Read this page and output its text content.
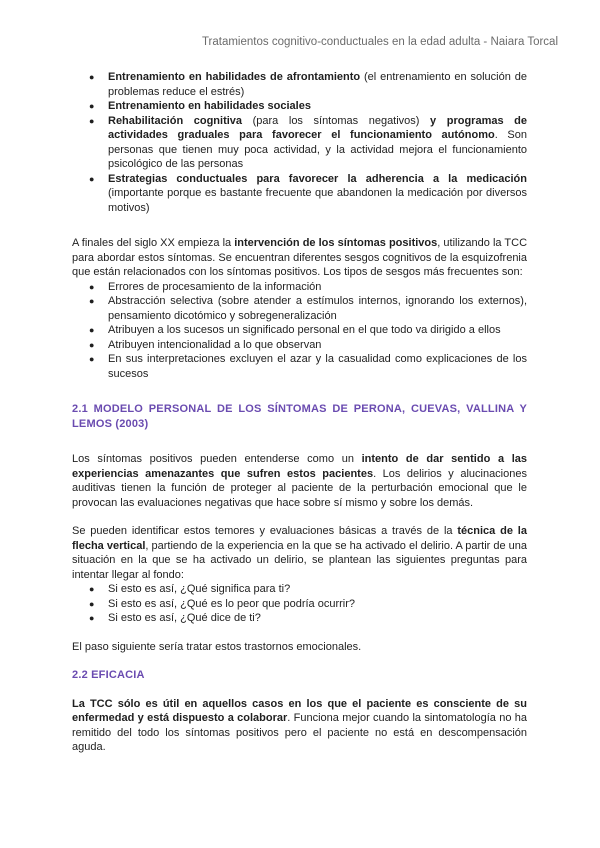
Tratamientos cognitivo-conductuales en la edad adulta - Naiara Torcal
● Entrenamiento en habilidades de afrontamiento (el entrenamiento en solución de problemas reduce el estrés)
● Entrenamiento en habilidades sociales
● Rehabilitación cognitiva (para los síntomas negativos) y programas de actividades graduales para favorecer el funcionamiento autónomo. Son personas que tienen muy poca actividad, y la actividad mejora el funcionamiento psicológico de las personas
● Estrategias conductuales para favorecer la adherencia a la medicación (importante porque es bastante frecuente que abandonen la medicación por diversos motivos)

A finales del siglo XX empieza la intervención de los síntomas positivos, utilizando la TCC para abordar estos síntomas. Se encuentran diferentes sesgos cognitivos de la esquizofrenia que están relacionados con los síntomas positivos. Los tipos de sesgos más frecuentes son:

● Errores de procesamiento de la información
● Abstracción selectiva (sobre atender a estímulos internos, ignorando los externos), pensamiento dicotómico y sobregeneralización
● Atribuyen a los sucesos un significado personal en el que todo va dirigido a ellos
● Atribuyen intencionalidad a lo que observan
● En sus interpretaciones excluyen el azar y la casualidad como explicaciones de los sucesos
2.1 MODELO PERSONAL DE LOS SÍNTOMAS DE PERONA, CUEVAS, VALLINA Y LEMOS (2003)

Los síntomas positivos pueden entenderse como un intento de dar sentido a las experiencias amenazantes que sufren estos pacientes. Los delirios y alucinaciones auditivas tienen la función de proteger al paciente de la perturbación emocional que le provocan las evaluaciones negativas que hace sobre sí mismo y sobre los demás.

Se pueden identificar estos temores y evaluaciones básicas a través de la técnica de la flecha vertical, partiendo de la experiencia en la que se ha activado el delirio. A partir de una situación en la que se ha activado un delirio, se plantean las siguientes preguntas para intentar llegar al fondo:

● Si esto es así, ¿Qué significa para ti?
● Si esto es así, ¿Qué es lo peor que podría ocurrir?
● Si esto es así, ¿Qué dice de ti?

El paso siguiente sería tratar estos trastornos emocionales.

2.2 EFICACIA

La TCC sólo es útil en aquellos casos en los que el paciente es consciente de su enfermedad y está dispuesto a colaborar. Funciona mejor cuando la sintomatología no ha remitido del todo los síntomas positivos pero el paciente no está en descompensación aguda.
